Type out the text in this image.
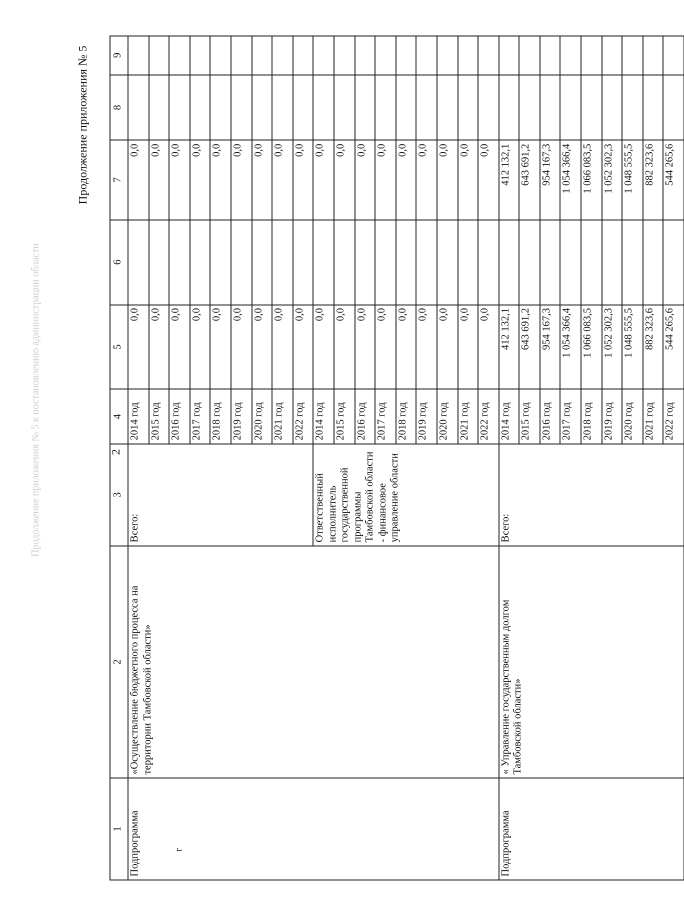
Продолжение приложения № 5 к постановлению администрации области	2
Продолжение приложения № 5
1	2	3	4	5	6	7	8	9

Подпрограмма г	«Осуществление бюджетного процесса на территории Тамбовской области»	Всего:	2014 год	0,0		0,0		
			2015 год	0,0		0,0		
			2016 год	0,0		0,0		
			2017 год	0,0		0,0		
			2018 год	0,0		0,0		
			2019 год	0,0		0,0		
			2020 год	0,0		0,0		
			2021 год	0,0		0,0		
			2022 год	0,0		0,0		
		Ответственный исполнитель государственной программы Тамбовской области - финансовое управление области	2014 год	0,0		0,0		
			2015 год	0,0		0,0		
			2016 год	0,0		0,0		
			2017 год	0,0		0,0		
			2018 год	0,0		0,0		
			2019 год	0,0		0,0		
			2020 год	0,0		0,0		
			2021 год	0,0		0,0		
			2022 год	0,0		0,0		

Подпрограмма	« Управление государственным долгом Тамбовской области»	Всего:	2014 год	412 132,1		412 132,1		
			2015 год	643 691,2		643 691,2		
			2016 год	954 167,3		954 167,3		
			2017 год	1 054 366,4		1 054 366,4		
			2018 год	1 066 083,5		1 066 083,5		
			2019 год	1 052 302,3		1 052 302,3		
			2020 год	1 048 555,5		1 048 555,5		
			2021 год	882 323,6		882 323,6		
			2022 год	544 265,6		544 265,6		
